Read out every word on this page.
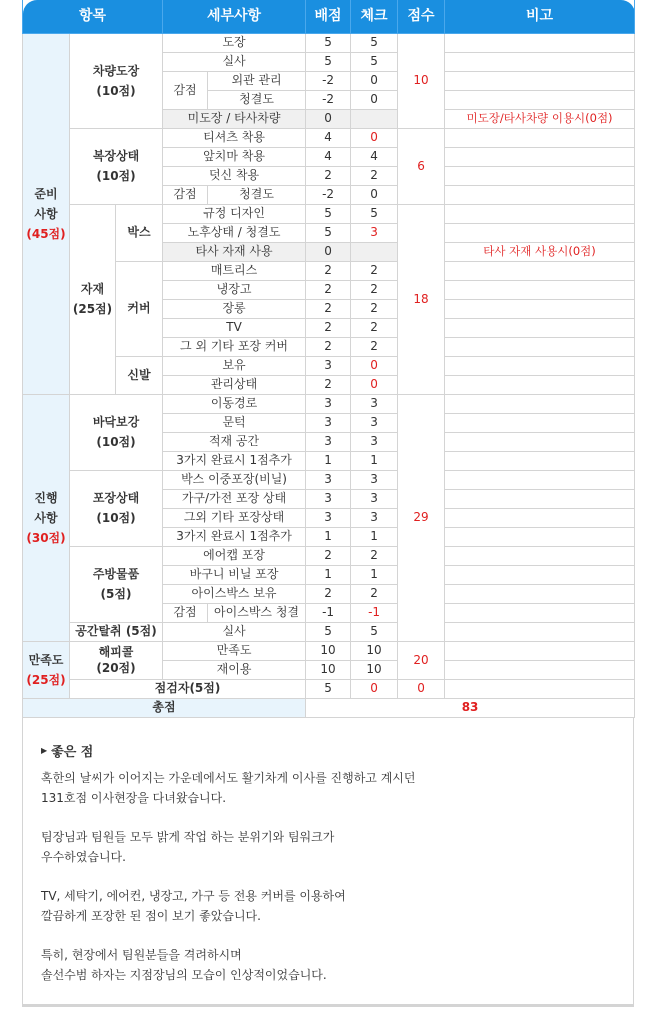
항목			세부사항		배점	체크	점수	비고

준비
사항
(45점)	차량도장
(10점)		도장		5	5	10	
			실사		5	5		
			감점	외관 관리	-2	0		
				청결도	-2	0		
			미도장 / 타사차량		0			미도장/타사차량 이용시(0점)

	복장상태
(10점)		티셔츠 착용		4	0	6	
			앞치마 착용		4	4		
			덧신 착용		2	2		
			감점	청결도	-2	0		

	자재
(25점)	박스	규정 디자인		5	5	18	
			노후상태 / 청결도		5	3		
			타사 자재 사용		0			타사 자재 사용시(0점)
		커버	매트리스		2	2		
			냉장고		2	2		
			장롱		2	2		
			TV		2	2		
			그 외 기타 포장 커버		2	2		
		신발	보유		3	0		
			관리상태		2	0		

진행
사항
(30점)	바닥보강
(10점)		이동경로		3	3	29	
			문턱		3	3		
			적재 공간		3	3		
			3가지 완료시 1점추가		1	1		

	포장상태
(10점)		박스 이중포장(비닐)		3	3		
			가구/가전 포장 상태		3	3		
			그외 기타 포장상태		3	3		
			3가지 완료시 1점추가		1	1		

	주방물품
(5점)		에어캡 포장		2	2		
			바구니 비닐 포장		1	1		
			아이스박스 보유		2	2		
			감점	아이스박스 청결	-1	-1		
	공간탈취 (5점)		실사		5	5		

만족도
(25점)	해피콜
(20점)		만족도		10	10	20	
			재이용		10	10		
	점검자(5점)				5	0	0	
총점					83			
▶ 좋은 점

혹한의 날씨가 이어지는 가운데에서도 활기차게 이사를 진행하고 계시던
131호점 이사현장을 다녀왔습니다.

팀장님과 팀원들 모두 밝게 작업 하는 분위기와 팀워크가
우수하였습니다.

TV, 세탁기, 에어컨, 냉장고, 가구 등 전용 커버를 이용하여
깔끔하게 포장한 된 점이 보기 좋았습니다.

특히, 현장에서 팀원분들을 격려하시며
솔선수범 하자는 지점장님의 모습이 인상적이었습니다.
